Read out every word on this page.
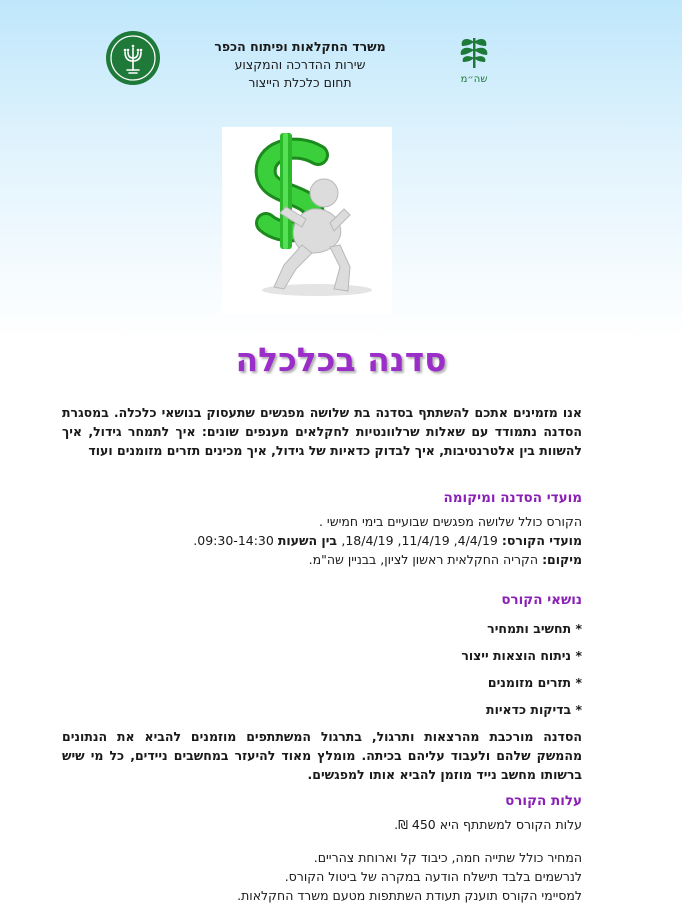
שה״מ
משרד החקלאות ופיתוח הכפר
שירות ההדרכה והמקצוע
תחום כלכלת הייצור
סדנה בכלכלה
אנו מזמינים אתכם להשתתף בסדנה בת שלושה מפגשים שתעסוק בנושאי כלכלה. במסגרת הסדנה נתמודד עם שאלות שרלוונטיות לחקלאים מענפים שונים: איך לתמחר גידול, איך להשוות בין אלטרנטיבות, איך לבדוק כדאיות של גידול, איך מכינים תזרים מזומנים ועוד
מועדי הסדנה ומיקומה
הקורס כולל שלושה מפגשים שבועיים בימי חמישי .
מועדי הקורס: 4/4/19, 11/4/19, 18/4/19, בין השעות 09:30-14:30.
מיקום: הקריה החקלאית ראשון לציון, בבניין שה"מ.
נושאי הקורס
* תחשיב ותמחיר
* ניתוח הוצאות ייצור
* תזרים מזומנים
* בדיקות כדאיות
הסדנה מורכבת מהרצאות ותרגול, בתרגול המשתתפים מוזמנים להביא את הנתונים מהמשק שלהם ולעבוד עליהם בכיתה. מומלץ מאוד להיעזר במחשבים ניידים, כל מי שיש ברשותו מחשב נייד מוזמן להביא אותו למפגשים.
עלות הקורס
עלות הקורס למשתתף היא 450 ₪.
המחיר כולל שתייה חמה, כיבוד קל וארוחת צהריים.
לנרשמים בלבד תישלח הודעה במקרה של ביטול הקורס.
למסיימי הקורס תוענק תעודת השתתפות מטעם משרד החקלאות.
